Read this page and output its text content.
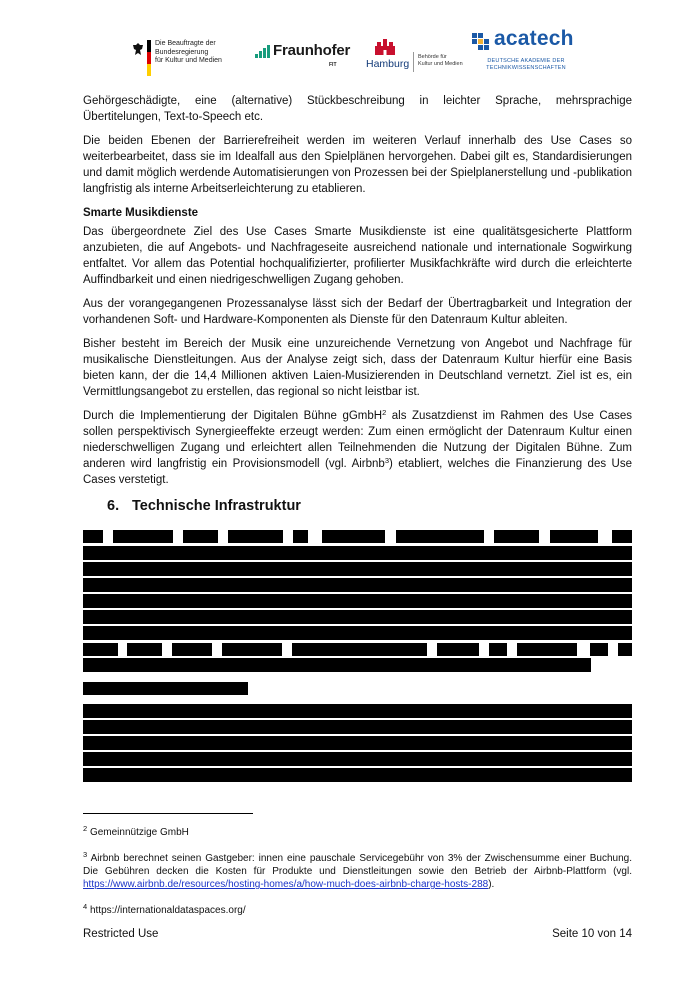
Die Beauftragte der Bundesregierung
für Kultur und Medien
Fraunhofer
FIT	Hamburg
Behörde für
Kultur und Medien
acatech
DEUTSCHE AKADEMIE DER
TECHNIKWISSENSCHAFTEN

Gehörgeschädigte, eine (alternative) Stückbeschreibung in leichter Sprache, mehrsprachige Übertitelungen, Text-to-Speech etc.

Die beiden Ebenen der Barrierefreiheit werden im weiteren Verlauf innerhalb des Use Cases so weiterbearbeitet, dass sie im Idealfall aus den Spielplänen hervorgehen. Dabei gilt es, Standardisierungen und damit möglich werdende Automatisierungen von Prozessen bei der Spielplanerstellung und -publikation langfristig als interne Arbeitserleichterung zu etablieren.

Smarte Musikdienste

Das übergeordnete Ziel des Use Cases Smarte Musikdienste ist eine qualitätsgesicherte Plattform anzubieten, die auf Angebots- und Nachfrageseite ausreichend nationale und internationale Sogwirkung entfaltet. Vor allem das Potential hochqualifizierter, profilierter Musikfachkräfte wird durch die erleichterte Auffindbarkeit und einen niedrigeschwelligen Zugang gehoben.

Aus der vorangegangenen Prozessanalyse lässt sich der Bedarf der Übertragbarkeit und Integration der vorhandenen Soft- und Hardware-Komponenten als Dienste für den Datenraum Kultur ableiten.

Bisher besteht im Bereich der Musik eine unzureichende Vernetzung von Angebot und Nachfrage für musikalische Dienstleitungen. Aus der Analyse zeigt sich, dass der Datenraum Kultur hierfür eine Basis bieten kann, der die 14,4 Millionen aktiven Laien-Musizierenden in Deutschland vernetzt. Ziel ist es, ein Vermittlungsangebot zu erstellen, das regional so nicht leistbar ist.

Durch die Implementierung der Digitalen Bühne gGmbH$^2$ als Zusatzdienst im Rahmen des Use Cases sollen perspektivisch Synergieeffekte erzeugt werden: Zum einen ermöglicht der Datenraum Kultur einen niederschwelligen Zugang und erleichtert allen Teilnehmenden die Nutzung der Digitalen Bühne. Zum anderen wird langfristig ein Provisionsmodell (vgl. Airbnb$^3$) etabliert, welches die Finanzierung des Use Cases verstetigt.

6. Technische Infrastruktur
$^2$ Gemeinnützige GmbH
$^3$ Airbnb berechnet seinen Gastgeber: innen eine pauschale Servicegebühr von 3% der Zwischensumme einer Buchung. Die Gebühren decken die Kosten für Produkte und Dienstleitungen sowie den Betrieb der Airbnb-Plattform (vgl. https://www.airbnb.de/resources/hosting-homes/a/how-much-does-airbnb-charge-hosts-288).
$^4$ https://internationaldataspaces.org/
Restricted Use	Seite 10 von 14
